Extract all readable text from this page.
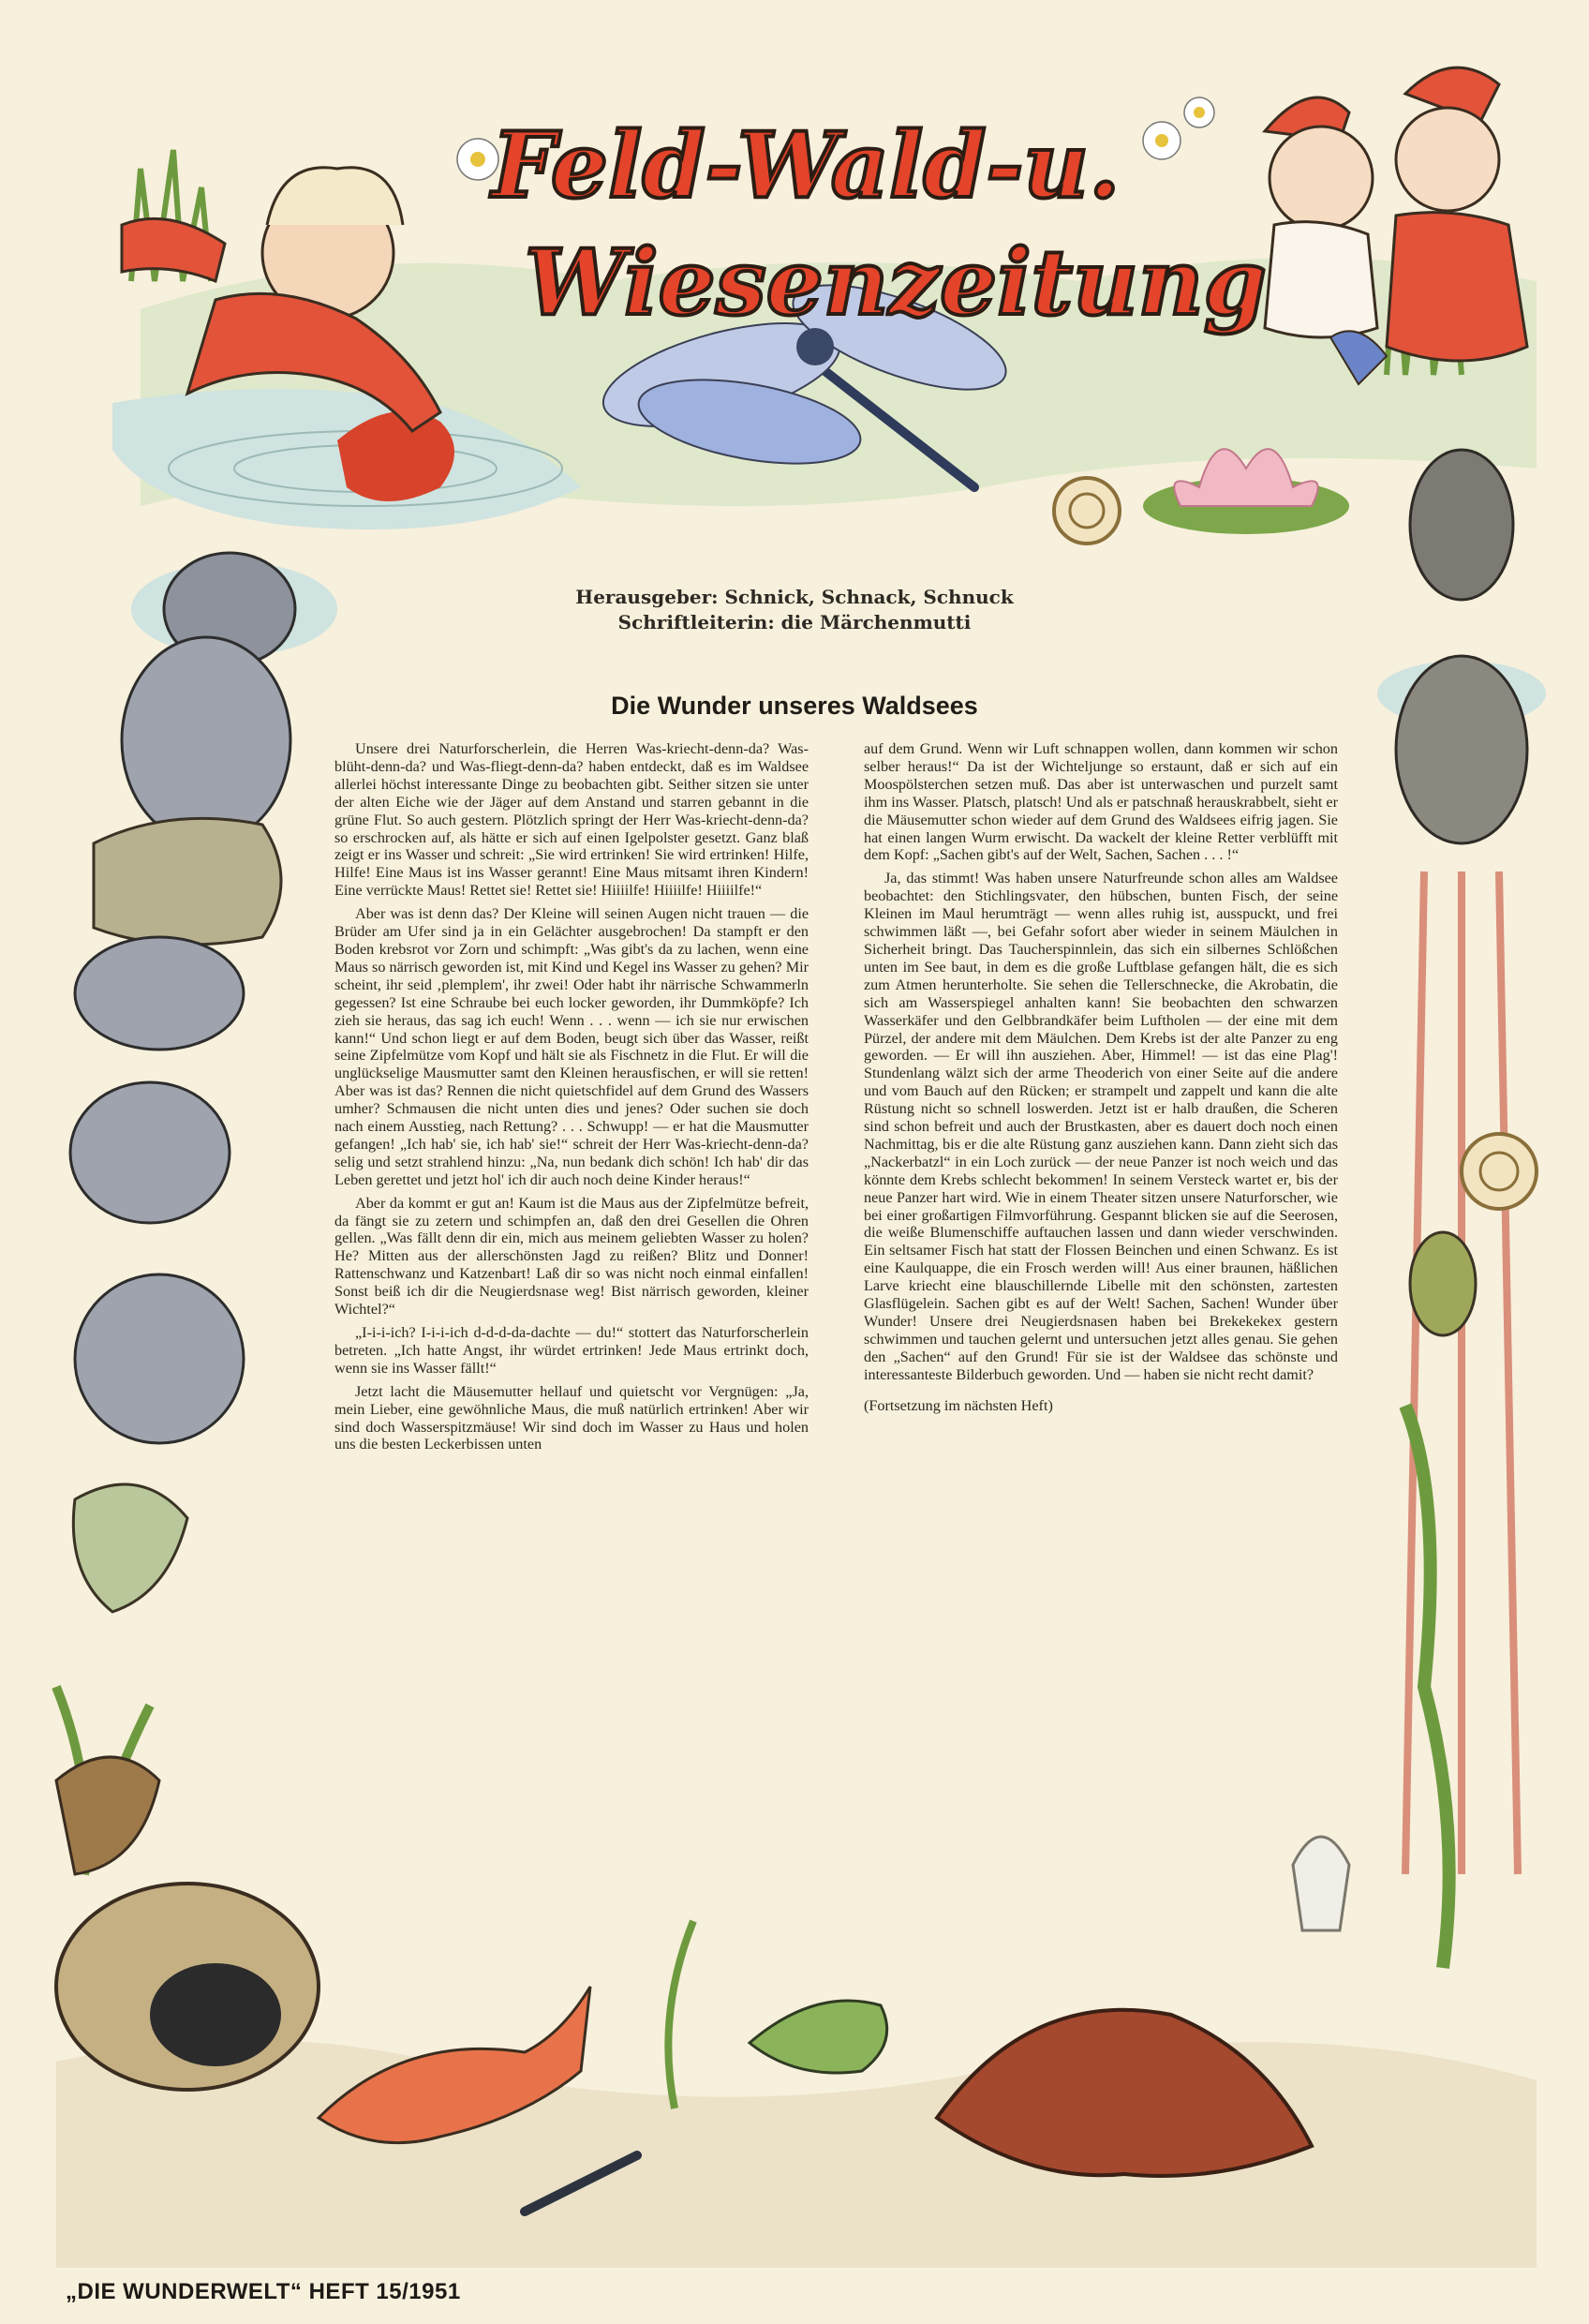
Feld-Wald-u.
Wiesenzeitung
Herausgeber: Schnick, Schnack, Schnuck
Schriftleiterin: die Märchenmutti
Die Wunder unseres Waldsees

Unsere drei Naturforscherlein, die Herren Was-kriecht-denn-da? Was-blüht-denn-da? und Was-fliegt-denn-da? haben entdeckt, daß es im Waldsee allerlei höchst interessante Dinge zu beobachten gibt. Seither sitzen sie unter der alten Eiche wie der Jäger auf dem Anstand und starren gebannt in die grüne Flut. So auch gestern. Plötzlich springt der Herr Was-kriecht-denn-da? so erschrocken auf, als hätte er sich auf einen Igelpolster gesetzt. Ganz blaß zeigt er ins Wasser und schreit: „Sie wird ertrinken! Sie wird ertrinken! Hilfe, Hilfe! Eine Maus ist ins Wasser gerannt! Eine Maus mitsamt ihren Kindern! Eine verrückte Maus! Rettet sie! Rettet sie! Hiiiilfe! Hiiiilfe! Hiiiilfe!“

Aber was ist denn das? Der Kleine will seinen Augen nicht trauen — die Brüder am Ufer sind ja in ein Gelächter ausgebrochen! Da stampft er den Boden krebsrot vor Zorn und schimpft: „Was gibt's da zu lachen, wenn eine Maus so närrisch geworden ist, mit Kind und Kegel ins Wasser zu gehen? Mir scheint, ihr seid ‚plemplem', ihr zwei! Oder habt ihr närrische Schwammerln gegessen? Ist eine Schraube bei euch locker geworden, ihr Dummköpfe? Ich zieh sie heraus, das sag ich euch! Wenn . . . wenn — ich sie nur erwischen kann!“ Und schon liegt er auf dem Boden, beugt sich über das Wasser, reißt seine Zipfelmütze vom Kopf und hält sie als Fischnetz in die Flut. Er will die unglückselige Mausmutter samt den Kleinen herausfischen, er will sie retten! Aber was ist das? Rennen die nicht quietschfidel auf dem Grund des Wassers umher? Schmausen die nicht unten dies und jenes? Oder suchen sie doch nach einem Ausstieg, nach Rettung? . . . Schwupp! — er hat die Mausmutter gefangen! „Ich hab' sie, ich hab' sie!“ schreit der Herr Was-kriecht-denn-da? selig und setzt strahlend hinzu: „Na, nun bedank dich schön! Ich hab' dir das Leben gerettet und jetzt hol' ich dir auch noch deine Kinder heraus!“

Aber da kommt er gut an! Kaum ist die Maus aus der Zipfelmütze befreit, da fängt sie zu zetern und schimpfen an, daß den drei Gesellen die Ohren gellen. „Was fällt denn dir ein, mich aus meinem geliebten Wasser zu holen? He? Mitten aus der allerschönsten Jagd zu reißen? Blitz und Donner! Rattenschwanz und Katzenbart! Laß dir so was nicht noch einmal einfallen! Sonst beiß ich dir die Neugierdsnase weg! Bist närrisch geworden, kleiner Wichtel?“

„I-i-i-ich? I-i-i-ich d-d-d-da-dachte — du!“ stottert das Naturforscherlein betreten. „Ich hatte Angst, ihr würdet ertrinken! Jede Maus ertrinkt doch, wenn sie ins Wasser fällt!“

Jetzt lacht die Mäusemutter hellauf und quietscht vor Vergnügen: „Ja, mein Lieber, eine gewöhnliche Maus, die muß natürlich ertrinken! Aber wir sind doch Wasserspitzmäuse! Wir sind doch im Wasser zu Haus und holen uns die besten Leckerbissen unten

auf dem Grund. Wenn wir Luft schnappen wollen, dann kommen wir schon selber heraus!“ Da ist der Wichteljunge so erstaunt, daß er sich auf ein Moospölsterchen setzen muß. Das aber ist unterwaschen und purzelt samt ihm ins Wasser. Platsch, platsch! Und als er patschnaß herauskrabbelt, sieht er die Mäusemutter schon wieder auf dem Grund des Waldsees eifrig jagen. Sie hat einen langen Wurm erwischt. Da wackelt der kleine Retter verblüfft mit dem Kopf: „Sachen gibt's auf der Welt, Sachen, Sachen . . . !“

Ja, das stimmt! Was haben unsere Naturfreunde schon alles am Waldsee beobachtet: den Stichlingsvater, den hübschen, bunten Fisch, der seine Kleinen im Maul herumträgt — wenn alles ruhig ist, ausspuckt, und frei schwimmen läßt —, bei Gefahr sofort aber wieder in seinem Mäulchen in Sicherheit bringt. Das Taucherspinnlein, das sich ein silbernes Schlößchen unten im See baut, in dem es die große Luftblase gefangen hält, die es sich zum Atmen herunterholte. Sie sehen die Tellerschnecke, die Akrobatin, die sich am Wasserspiegel anhalten kann! Sie beobachten den schwarzen Wasserkäfer und den Gelbbrandkäfer beim Luftholen — der eine mit dem Pürzel, der andere mit dem Mäulchen. Dem Krebs ist der alte Panzer zu eng geworden. — Er will ihn ausziehen. Aber, Himmel! — ist das eine Plag'! Stundenlang wälzt sich der arme Theoderich von einer Seite auf die andere und vom Bauch auf den Rücken; er strampelt und zappelt und kann die alte Rüstung nicht so schnell loswerden. Jetzt ist er halb draußen, die Scheren sind schon befreit und auch der Brustkasten, aber es dauert doch noch einen Nachmittag, bis er die alte Rüstung ganz ausziehen kann. Dann zieht sich das „Nackerbatzl“ in ein Loch zurück — der neue Panzer ist noch weich und das könnte dem Krebs schlecht bekommen! In seinem Versteck wartet er, bis der neue Panzer hart wird. Wie in einem Theater sitzen unsere Naturforscher, wie bei einer großartigen Filmvorführung. Gespannt blicken sie auf die Seerosen, die weiße Blumenschiffe auftauchen lassen und dann wieder verschwinden. Ein seltsamer Fisch hat statt der Flossen Beinchen und einen Schwanz. Es ist eine Kaulquappe, die ein Frosch werden will! Aus einer braunen, häßlichen Larve kriecht eine blauschillernde Libelle mit den schönsten, zartesten Glasflügelein. Sachen gibt es auf der Welt! Sachen, Sachen! Wunder über Wunder! Unsere drei Neugierdsnasen haben bei Brekekekex gestern schwimmen und tauchen gelernt und untersuchen jetzt alles genau. Sie gehen den „Sachen“ auf den Grund! Für sie ist der Waldsee das schönste und interessanteste Bilderbuch geworden. Und — haben sie nicht recht damit?

(Fortsetzung im nächsten Heft)

„DIE WUNDERWELT“ HEFT 15/1951
